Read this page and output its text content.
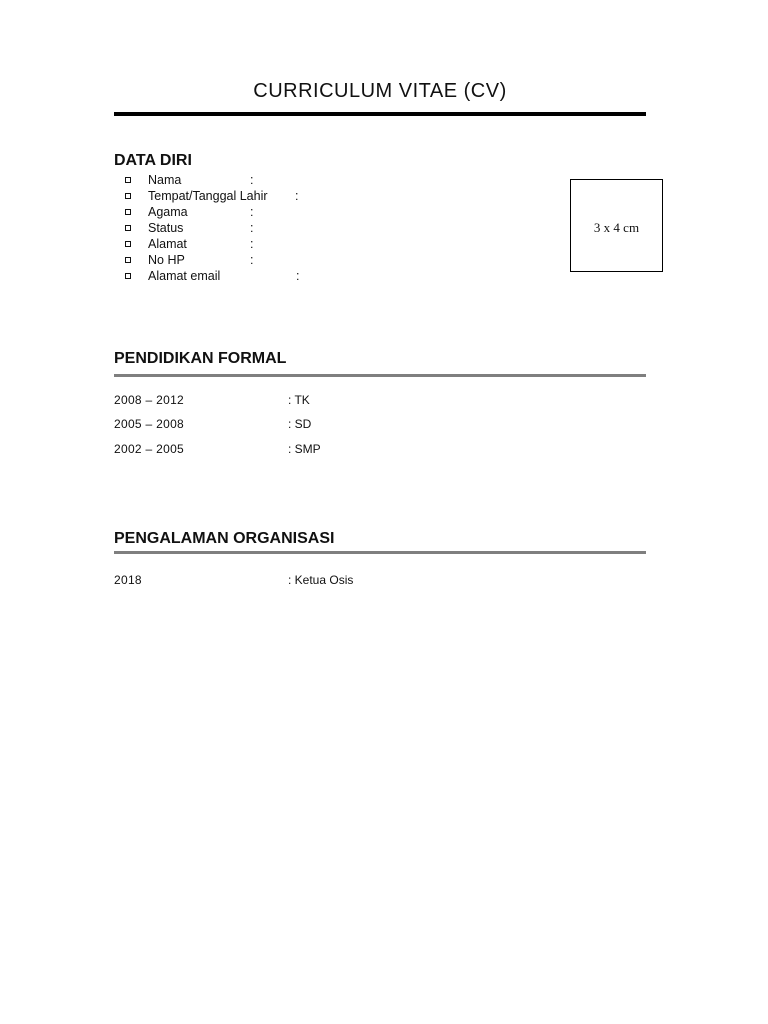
CURRICULUM VITAE (CV)
DATA DIRI
Nama	:
Tempat/Tanggal Lahir :
Agama	:
Status	:
Alamat	:
No HP	:
Alamat email	:
3 x 4 cm
PENDIDIKAN FORMAL
2008 – 2012	: TK
2005 – 2008	: SD
2002 – 2005	: SMP
PENGALAMAN ORGANISASI
2018	: Ketua Osis
